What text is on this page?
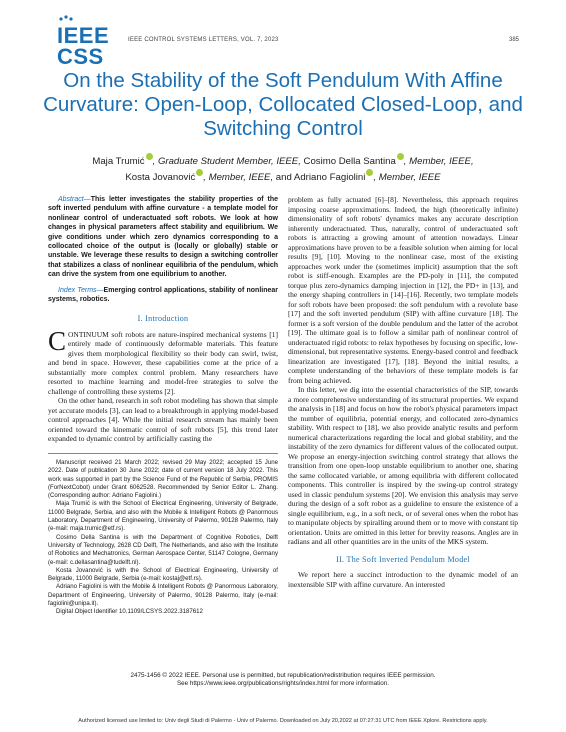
IEEE
CSS
IEEE CONTROL SYSTEMS LETTERS, VOL. 7, 2023	385
On the Stability of the Soft Pendulum With Affine Curvature: Open-Loop, Collocated Closed-Loop, and Switching Control
Maja Trumić , Graduate Student Member, IEEE, Cosimo Della Santina , Member, IEEE,
Kosta Jovanović , Member, IEEE, and Adriano Fagiolini , Member, IEEE

Abstract—This letter investigates the stability properties of the soft inverted pendulum with affine curvature - a template model for nonlinear control of underactuated soft robots. We look at how changes in physical parameters affect stability and equilibrium. We give conditions under which zero dynamics corresponding to a collocated choice of the output is (locally or globally) stable or unstable. We leverage these results to design a switching controller that stabilizes a class of nonlinear equilibria of the pendulum, which can drive the system from one equilibrium to another.

Index Terms—Emerging control applications, stability of nonlinear systems, robotics.

I. Introduction

CONTINUUM soft robots are nature-inspired mechanical systems [1] entirely made of continuously deformable materials. This feature gives them morphological flexibility so their body can swirl, twist, and bend in space. However, these capabilities come at the price of a substantially more complex control problem. Many researchers have resorted to machine learning and model-free strategies to solve the challenge of controlling these systems [2].

On the other hand, research in soft robot modeling has shown that simple yet accurate models [3], can lead to a breakthrough in applying model-based control approaches [4]. While the initial research stream has mainly been oriented toward the kinematic control of soft robots [5], this trend later expanded to dynamic control by artificially casting the

Manuscript received 21 March 2022; revised 29 May 2022; accepted 15 June 2022. Date of publication 30 June 2022; date of current version 18 July 2022. This work was supported in part by the Science Fund of the Republic of Serbia, PROMIS (ForNextCobot) under Grant 6062528. Recommended by Senior Editor L. Zhang. (Corresponding author: Adriano Fagiolini.)

Maja Trumić is with the School of Electrical Engineering, University of Belgrade, 11000 Belgrade, Serbia, and also with the Mobile & Intelligent Robots @ Panormous Laboratory, Department of Engineering, University of Palermo, 90128 Palermo, Italy (e-mail: maja.trumic@etf.rs).

Cosimo Della Santina is with the Department of Cognitive Robotics, Delft University of Technology, 2628 CD Delft, The Netherlands, and also with the Institute of Robotics and Mechatronics, German Aerospace Center, 51147 Cologne, Germany (e-mail: c.dellasantina@tudelft.nl).

Kosta Jovanović is with the School of Electrical Engineering, University of Belgrade, 11000 Belgrade, Serbia (e-mail: kostaj@etf.rs).

Adriano Fagiolini is with the Mobile & Intelligent Robots @ Panormous Laboratory, Department of Engineering, University of Palermo, 90128 Palermo, Italy (e-mail: fagiolini@unipa.it).

Digital Object Identifier 10.1109/LCSYS.2022.3187612

problem as fully actuated [6]–[8]. Nevertheless, this approach requires imposing coarse approximations. Indeed, the high (theoretically infinite) dimensionality of soft robots' dynamics makes any accurate description inherently underactuated. Thus, naturally, control of underactuated soft robots is attracting a growing amount of attention nowadays. Linear approximations have proven to be a feasible solution when aiming for local results [9], [10]. Moving to the nonlinear case, most of the existing approaches work under the (sometimes implicit) assumption that the soft robot is stiff-enough. Examples are the PD-poly in [11], the computed torque plus zero-dynamics damping injection in [12], the PD+ in [13], and the energy shaping controllers in [14]–[16]. Recently, two template models for soft robots have been proposed: the soft pendulum with a revolute base [17] and the soft inverted pendulum (SIP) with affine curvature [18]. The former is a soft version of the double pendulum and the latter of the acrobot [19]. The ultimate goal is to follow a similar path of nonlinear control of underactuated rigid robots: to relax hypotheses by focusing on specific, low-dimensional, but representative systems. Energy-based control and feedback linearization are investigated [17], [18]. Beyond the initial results, a complete understanding of the behaviors of these template models is far from being achieved.

In this letter, we dig into the essential characteristics of the SIP, towards a more comprehensive understanding of its structural properties. We expand the analysis in [18] and focus on how the robot's physical parameters impact the number of equilibria, potential energy, and collocated zero-dynamics stability. With respect to [18], we also provide analytic results and perform numerical characterizations regarding the local and global stability, and the instability of the zero dynamics for different values of the collocated output. We propose an energy-injection switching control strategy that allows the transition from one open-loop unstable equilibrium to another one, sharing the same collocated variable, or among equilibria with different collocated components. This controller is inspired by the swing-up control strategy used in classic pendulum systems [20]. We envision this analysis may serve during the design of a soft robot as a guideline to ensure the existence of a single equilibrium, e.g., in a soft neck, or of several ones when the robot has to manipulate objects by spiralling around them or to move with constant tip orientation. Units are omitted in this letter for brevity reasons. Angles are in radians and all other quantities are in the units of the MKS system.

II. The Soft Inverted Pendulum Model

We report here a succinct introduction to the dynamic model of an inextensible SIP with affine curvature. An interested

2475-1456 © 2022 IEEE. Personal use is permitted, but republication/redistribution requires IEEE permission.
See https://www.ieee.org/publications/rights/index.html for more information.
Authorized licensed use limited to: Univ degli Studi di Palermo - Univ of Palermo. Downloaded on July 20,2022 at 07:27:31 UTC from IEEE Xplore. Restrictions apply.
